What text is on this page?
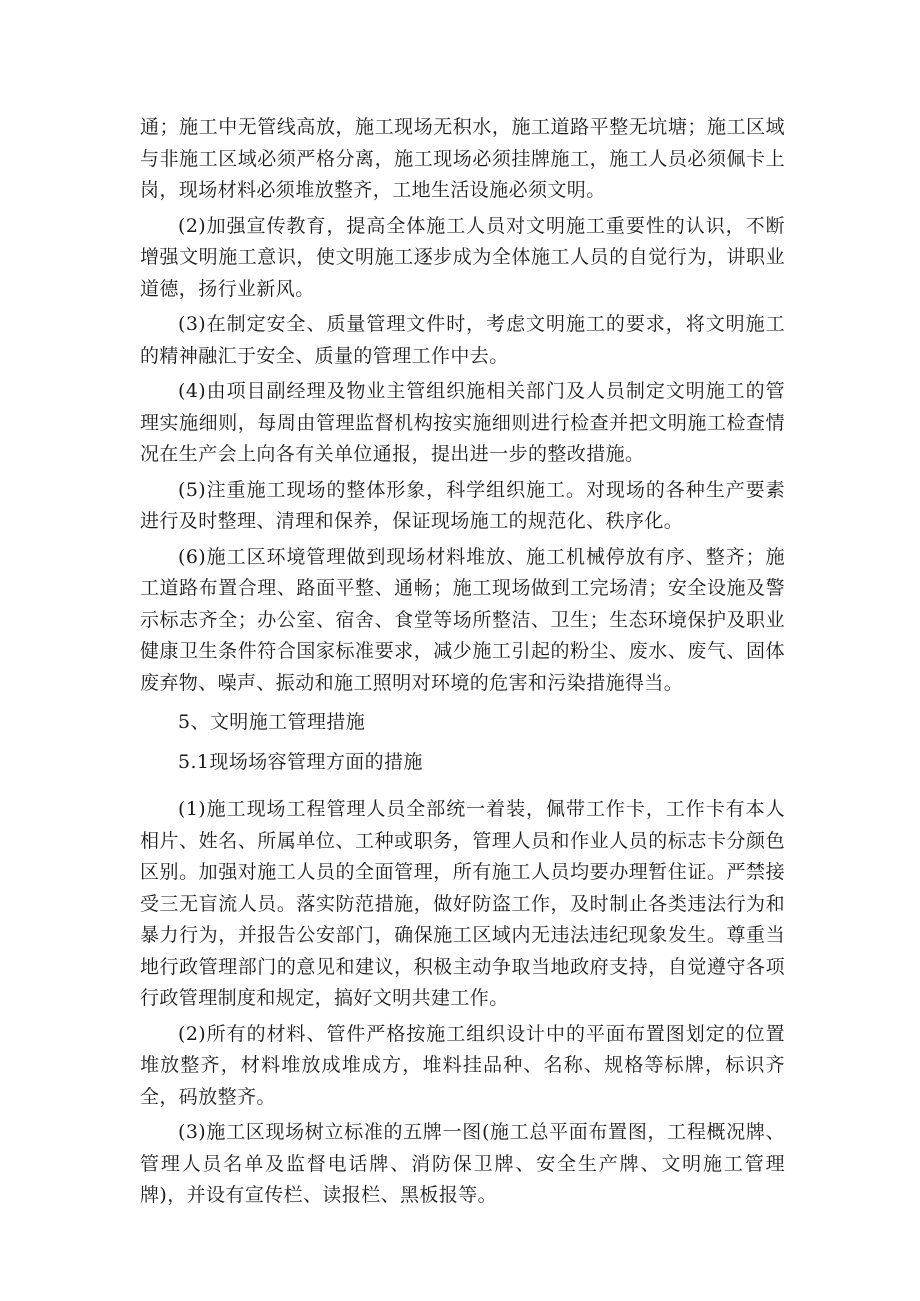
通；施工中无管线高放，施工现场无积水，施工道路平整无坑塘；施工区域与非施工区域必须严格分离，施工现场必须挂牌施工，施工人员必须佩卡上岗，现场材料必须堆放整齐，工地生活设施必须文明。

(2)加强宣传教育，提高全体施工人员对文明施工重要性的认识，不断增强文明施工意识，使文明施工逐步成为全体施工人员的自觉行为，讲职业道德，扬行业新风。

(3)在制定安全、质量管理文件时，考虑文明施工的要求，将文明施工的精神融汇于安全、质量的管理工作中去。

(4)由项目副经理及物业主管组织施相关部门及人员制定文明施工的管理实施细则，每周由管理监督机构按实施细则进行检查并把文明施工检查情况在生产会上向各有关单位通报，提出进一步的整改措施。

(5)注重施工现场的整体形象，科学组织施工。对现场的各种生产要素进行及时整理、清理和保养，保证现场施工的规范化、秩序化。

(6)施工区环境管理做到现场材料堆放、施工机械停放有序、整齐；施工道路布置合理、路面平整、通畅；施工现场做到工完场清；安全设施及警示标志齐全；办公室、宿舍、食堂等场所整洁、卫生；生态环境保护及职业健康卫生条件符合国家标准要求，减少施工引起的粉尘、废水、废气、固体废弃物、噪声、振动和施工照明对环境的危害和污染措施得当。

5、文明施工管理措施

5.1现场场容管理方面的措施

(1)施工现场工程管理人员全部统一着装，佩带工作卡，工作卡有本人相片、姓名、所属单位、工种或职务，管理人员和作业人员的标志卡分颜色区别。加强对施工人员的全面管理，所有施工人员均要办理暂住证。严禁接受三无盲流人员。落实防范措施，做好防盗工作，及时制止各类违法行为和暴力行为，并报告公安部门，确保施工区域内无违法违纪现象发生。尊重当地行政管理部门的意见和建议，积极主动争取当地政府支持，自觉遵守各项行政管理制度和规定，搞好文明共建工作。

(2)所有的材料、管件严格按施工组织设计中的平面布置图划定的位置堆放整齐，材料堆放成堆成方，堆料挂品种、名称、规格等标牌，标识齐全，码放整齐。

(3)施工区现场树立标准的五牌一图(施工总平面布置图，工程概况牌、管理人员名单及监督电话牌、消防保卫牌、安全生产牌、文明施工管理牌)，并设有宣传栏、读报栏、黑板报等。
